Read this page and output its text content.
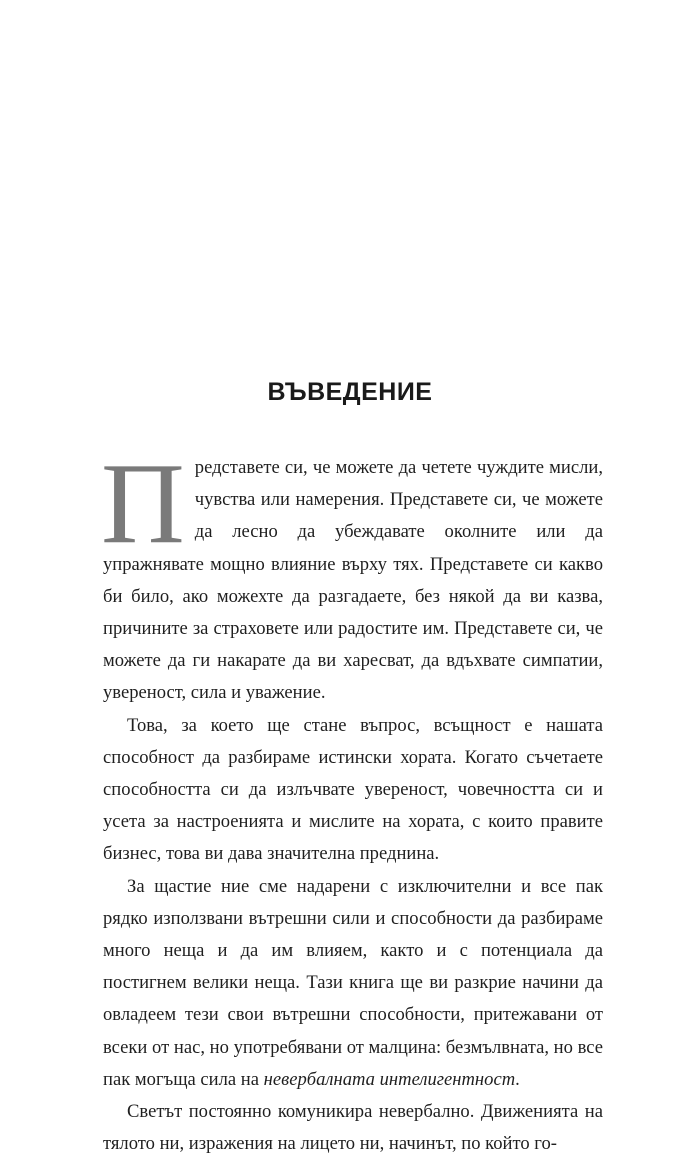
ВЪВЕДЕНИЕ

Представете си, че можете да четете чуждите мисли, чувства или намерения. Представете си, че можете да лесно да убеждавате околните или да упражнявате мощно влияние върху тях. Представете си какво би било, ако можехте да разгадаете, без някой да ви казва, причините за страховете или радостите им. Представете си, че можете да ги накарате да ви харесват, да вдъхвате симпатии, увереност, сила и уважение.

Това, за което ще стане въпрос, всъщност е нашата способност да разбираме истински хората. Когато съчетаете способността си да излъчвате увереност, човечността си и усета за настроенията и мислите на хората, с които правите бизнес, това ви дава значителна преднина.

За щастие ние сме надарени с изключителни и все пак рядко използвани вътрешни сили и способности да разбираме много неща и да им влияем, както и с потенциала да постигнем велики неща. Тази книга ще ви разкрие начини да овладеем тези свои вътрешни способности, притежавани от всеки от нас, но употребявани от малцина: безмълвната, но все пак могъща сила на невербалната интелигентност.

Светът постоянно комуникира невербално. Движенията на тялото ни, изражения на лицето ни, начинът, по който го-
